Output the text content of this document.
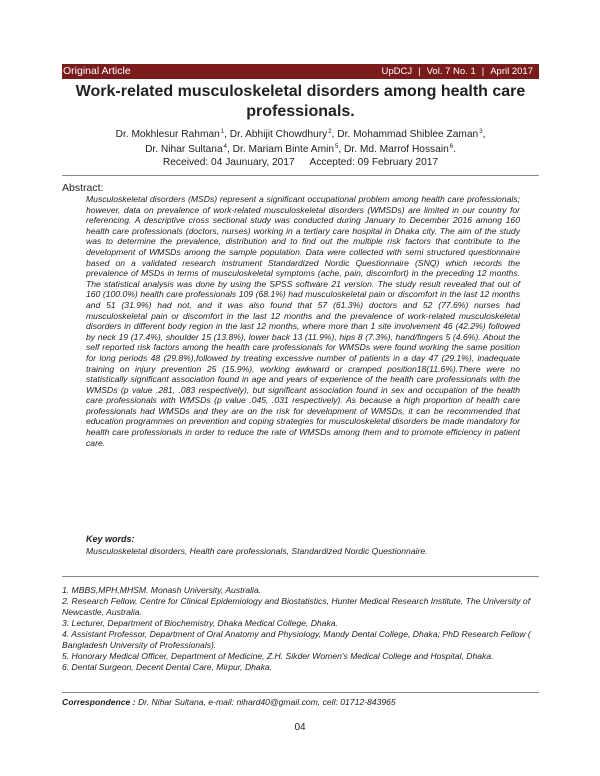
Original Article	UpDCJ | Vol. 7 No. 1 | April 2017
Work-related musculoskeletal disorders among health care professionals.
Dr. Mokhlesur Rahman$^1$, Dr. Abhijit Chowdhury$^2$, Dr. Mohammad Shiblee Zaman$^3$,
Dr. Nihar Sultana$^4$, Dr. Mariam Binte Amin$^5$, Dr. Md. Marrof Hossain$^6$.
Received: 04 Jaunuary, 2017 Accepted: 09 February 2017
Abstract:

Musculoskeletal disorders (MSDs) represent a significant occupational problem among health care professionals; however, data on prevalence of work-related musculoskeletal disorders (WMSDs) are limited in our country for referencing. A descriptive cross sectional study was conducted during January to December 2016 among 160 health care professionals (doctors, nurses) working in a tertiary care hospital in Dhaka city. The aim of the study was to determine the prevalence, distribution and to find out the multiple risk factors that contribute to the development of WMSDs among the sample population. Data were collected with semi structured questionnaire based on a validated research instrument Standardized Nordic Questionnaire (SNQ) which records the prevalence of MSDs in terms of musculoskeletal symptoms (ache, pain, discomfort) in the preceding 12 months. The statistical analysis was done by using the SPSS software 21 version. The study result revealed that out of 160 (100.0%) health care professionals 109 (68.1%) had musculoskeletal pain or discomfort in the last 12 months and 51 (31.9%) had not, and it was also found that 57 (61.3%) doctors and 52 (77.6%) nurses had musculoskeletal pain or discomfort in the last 12 months and the prevalence of work-related musculoskeletal disorders in different body region in the last 12 months, where more than 1 site involvement 46 (42.2%) followed by neck 19 (17.4%), shoulder 15 (13.8%), lower back 13 (11.9%), hips 8 (7.3%), hand/fingers 5 (4.6%). About the self reported risk factors among the health care professionals for WMSDs were found working the same position for long periods 48 (29.8%),followed by treating excessive number of patients in a day 47 (29.1%), inadequate training on injury prevention 25 (15.9%), working awkward or cramped position18(11.6%).There were no statistically significant association found in age and years of experience of the health care professionals with the WMSDs (p value .281, .083 respectively), but significant association found in sex and occupation of the health care professionals with WMSDs (p value .045, .031 respectively). As because a high proportion of health care professionals had WMSDs and they are on the risk for development of WMSDs, it can be recommended that education programmes on prevention and coping strategies for musculoskeletal disorders be made mandatory for health care professionals in order to reduce the rate of WMSDs among them and to promote efficiency in patient care.

Key words:
Musculoskeletal disorders, Health care professionals, Standardized Nordic Questionnaire.
1. MBBS,MPH,MHSM. Monash University, Australia.
2. Research Fellow, Centre for Clinical Epidemiology and Biostatistics, Hunter Medical Research Institute, The University of Newcastle, Australia.
3. Lecturer, Department of Biochemistry, Dhaka Medical College, Dhaka.
4. Assistant Professor, Department of Oral Anatomy and Physiology, Mandy Dental College, Dhaka; PhD Research Fellow ( Bangladesh University of Professionals).
5. Honorary Medical Officer, Department of Medicine, Z.H. Sikder Women's Medical College and Hospital, Dhaka.
6. Dental Surgeon, Decent Dental Care, Mirpur, Dhaka.
Correspondence : Dr. Nihar Sultana, e-mail: nihard40@gmail.com, cell: 01712-843965
04
